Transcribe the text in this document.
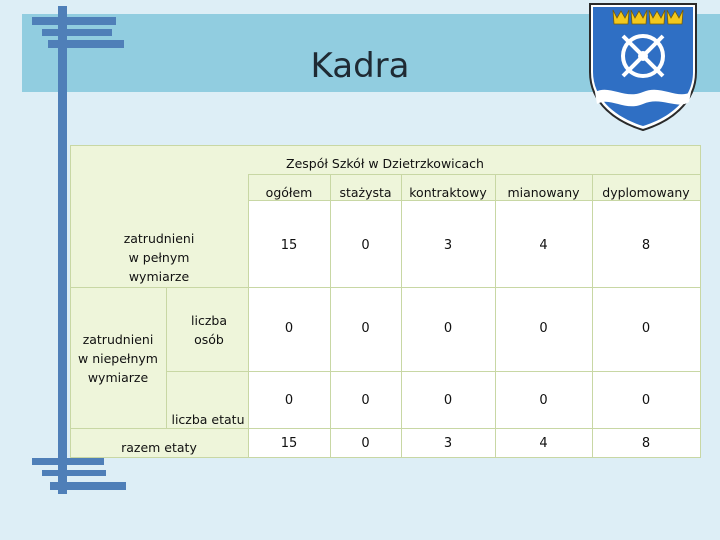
Kadra
Zespół Szkół w Dzietrzkowicach
ogółem	stażysta	kontraktowy	mianowany	dyplomowany
zatrudnieni
w pełnym
wymiarze
15	0	3	4	8
zatrudnieni
w niepełnym
wymiarze
liczba
osób
0	0	0	0	0
liczba etatu
0	0	0	0	0
razem etaty	15	0	3	4	8
